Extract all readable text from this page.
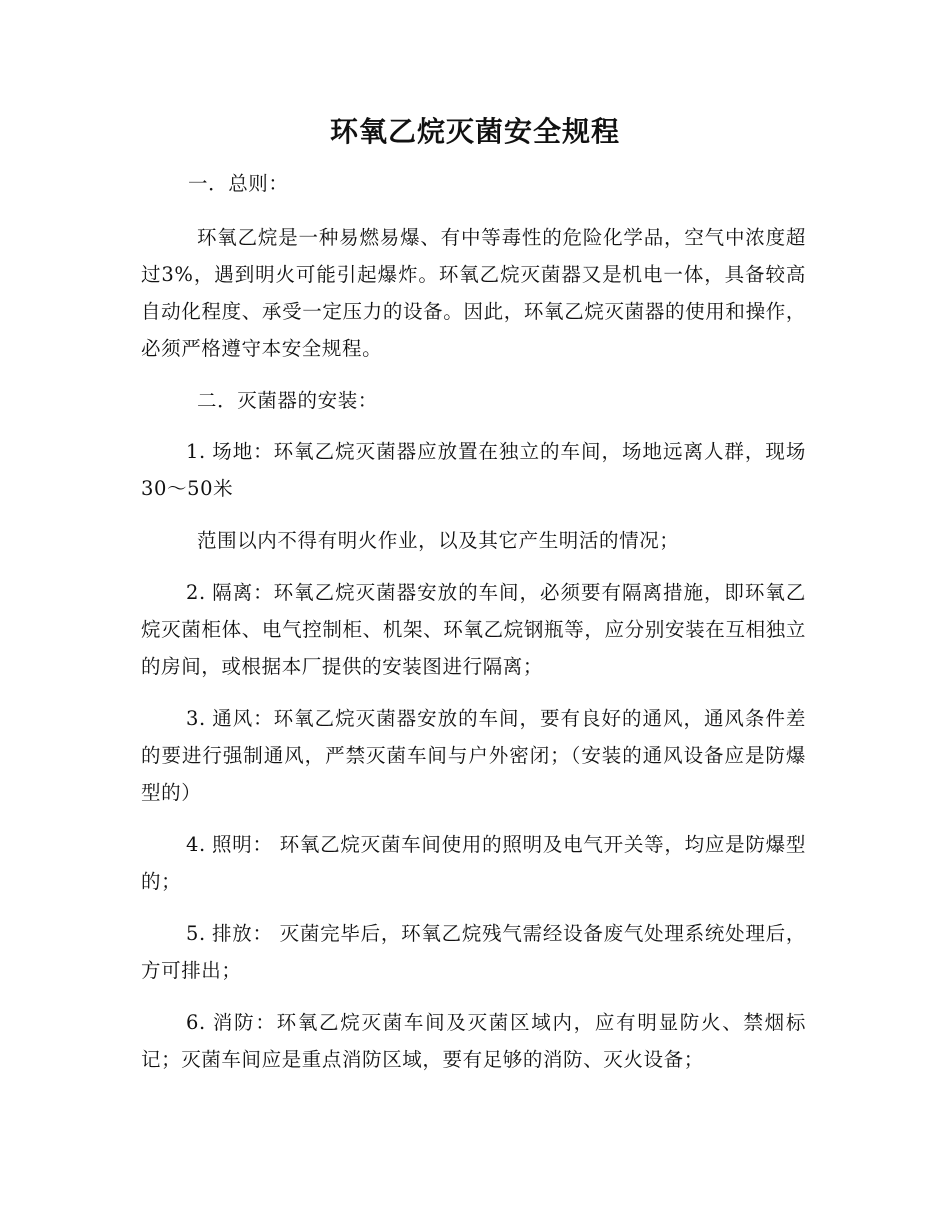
环氧乙烷灭菌安全规程

一．总则：

环氧乙烷是一种易燃易爆、有中等毒性的危险化学品，空气中浓度超过3%，遇到明火可能引起爆炸。环氧乙烷灭菌器又是机电一体，具备较高自动化程度、承受一定压力的设备。因此，环氧乙烷灭菌器的使用和操作，必须严格遵守本安全规程。

二．灭菌器的安装：

1. 场地：环氧乙烷灭菌器应放置在独立的车间，场地远离人群，现场30～50米

范围以内不得有明火作业，以及其它产生明活的情况；

2. 隔离：环氧乙烷灭菌器安放的车间，必须要有隔离措施，即环氧乙烷灭菌柜体、电气控制柜、机架、环氧乙烷钢瓶等，应分别安装在互相独立的房间，或根据本厂提供的安装图进行隔离；

3. 通风：环氧乙烷灭菌器安放的车间，要有良好的通风，通风条件差的要进行强制通风，严禁灭菌车间与户外密闭；（安装的通风设备应是防爆型的）

4. 照明： 环氧乙烷灭菌车间使用的照明及电气开关等，均应是防爆型的；

5. 排放： 灭菌完毕后，环氧乙烷残气需经设备废气处理系统处理后，方可排出；

6. 消防：环氧乙烷灭菌车间及灭菌区域内，应有明显防火、禁烟标记；灭菌车间应是重点消防区域，要有足够的消防、灭火设备；
